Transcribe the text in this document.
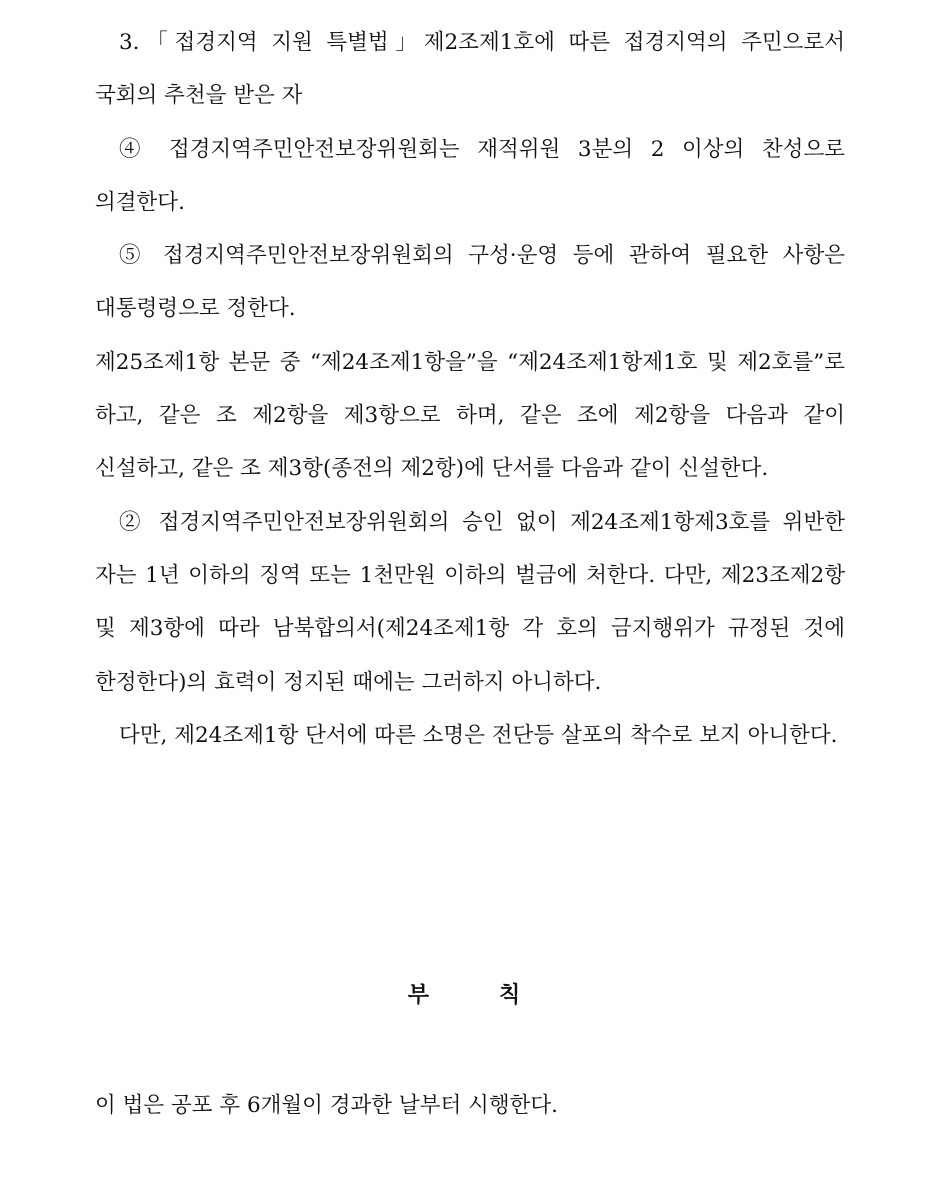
3.「접경지역 지원 특별법」제2조제1호에 따른 접경지역의 주민으로서 국회의 추천을 받은 자

④ 접경지역주민안전보장위원회는 재적위원 3분의 2 이상의 찬성으로 의결한다.

⑤ 접경지역주민안전보장위원회의 구성·운영 등에 관하여 필요한 사항은 대통령령으로 정한다.

제25조제1항 본문 중 “제24조제1항을”을 “제24조제1항제1호 및 제2호를”로 하고, 같은 조 제2항을 제3항으로 하며, 같은 조에 제2항을 다음과 같이 신설하고, 같은 조 제3항(종전의 제2항)에 단서를 다음과 같이 신설한다.

② 접경지역주민안전보장위원회의 승인 없이 제24조제1항제3호를 위반한 자는 1년 이하의 징역 또는 1천만원 이하의 벌금에 처한다. 다만, 제23조제2항 및 제3항에 따라 남북합의서(제24조제1항 각 호의 금지행위가 규정된 것에 한정한다)의 효력이 정지된 때에는 그러하지 아니하다.

다만, 제24조제1항 단서에 따른 소명은 전단등 살포의 착수로 보지 아니한다.

부	칙

이 법은 공포 후 6개월이 경과한 날부터 시행한다.
